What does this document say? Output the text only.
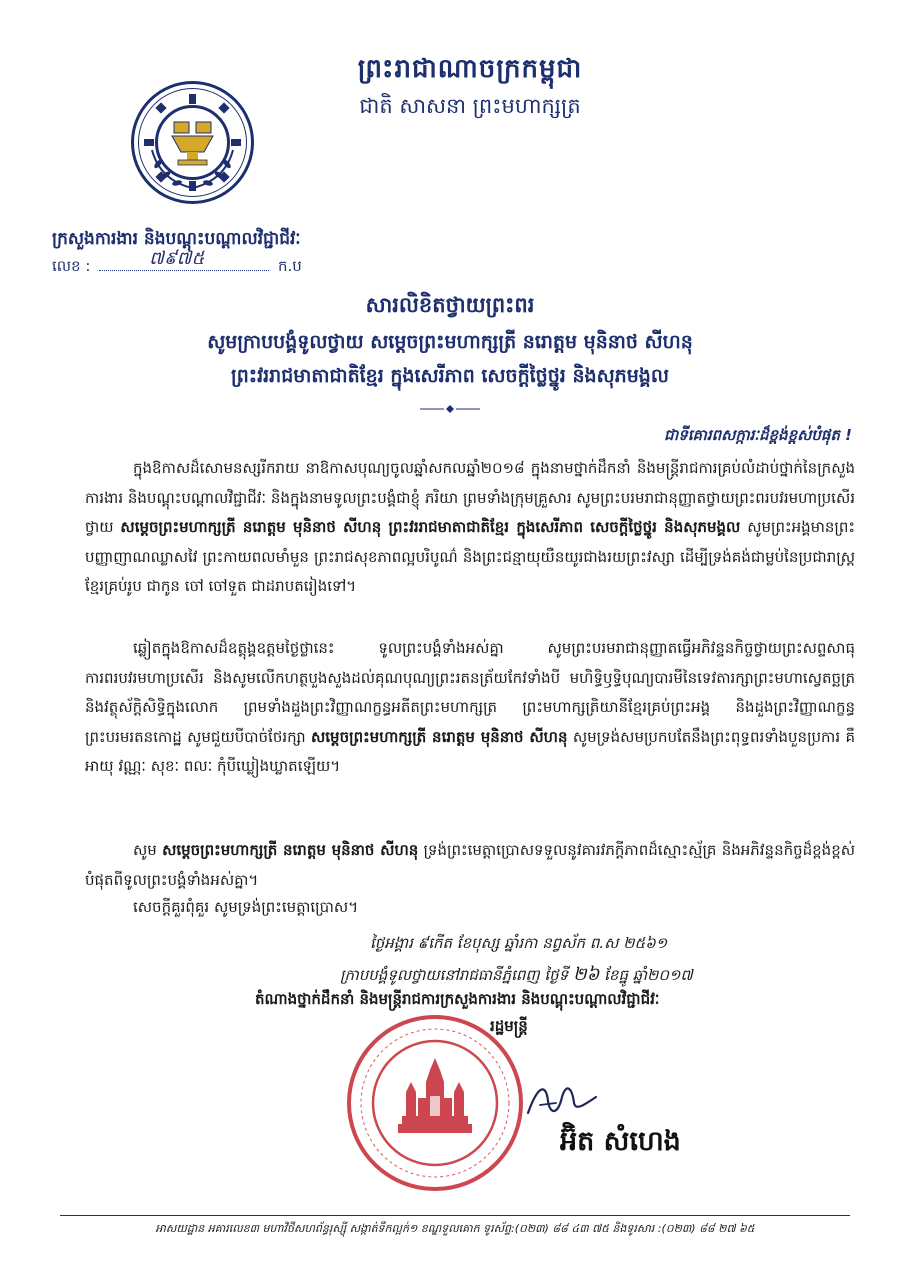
ព្រះរាជាណាចក្រកម្ពុជា
ជាតិ សាសនា ព្រះមហាក្សត្រ
ក្រសួងការងារ និងបណ្តុះបណ្តាលវិជ្ជាជីវៈ
លេខ :	៧៩៧៥	ក.ប
សារលិខិតថ្វាយព្រះពរ
សូមក្រាបបង្គំទូលថ្វាយ សម្តេចព្រះមហាក្សត្រី នរោត្តម មុនិនាថ សីហនុ
ព្រះវររាជមាតាជាតិខ្មែរ ក្នុងសេរីភាព សេចក្តីថ្លៃថ្នូរ និងសុភមង្គល
ជាទីគោរពសក្ការៈដ៏ខ្ពង់ខ្ពស់បំផុត !
ក្នុងឱកាសដ៏សោមនស្សរីករាយ នាឱកាសបុណ្យចូលឆ្នាំសកលឆ្នាំ២០១៨ ក្នុងនាមថ្នាក់ដឹកនាំ និងមន្ត្រីរាជការគ្រប់លំដាប់ថ្នាក់នៃក្រសួងការងារ និងបណ្តុះបណ្តាលវិជ្ជាជីវៈ និងក្នុងនាមទូលព្រះបង្គំជាខ្ញុំ ភរិយា ព្រមទាំងក្រុមគ្រួសារ សូមព្រះបរមរាជានុញ្ញាតថ្វាយព្រះពរបវរមហាប្រសើរថ្វាយ សម្តេចព្រះមហាក្សត្រី នរោត្តម មុនិនាថ សីហនុ ព្រះវររាជមាតាជាតិខ្មែរ ក្នុងសេរីភាព សេចក្តីថ្លៃថ្នូរ និងសុភមង្គល សូមព្រះអង្គមានព្រះបញ្ញាញាណឈ្លាសវៃ ព្រះកាយពលមាំមួន ព្រះរាជសុខភាពល្អបរិបូណ៌ និងព្រះជន្មាយុយឺនយូរជាងរយព្រះវស្សា ដើម្បីទ្រង់គង់ជាម្លប់នៃប្រជារាស្ត្រខ្មែរគ្រប់រូប ជាកូន ចៅ ចៅទួត ជាដរាបតរៀងទៅ។
ឆ្លៀតក្នុងឱកាសដ៏ឧត្តុង្គឧត្តមថ្ងៃថ្លានេះ ទូលព្រះបង្គំទាំងអស់គ្នា សូមព្រះបរមរាជានុញ្ញាតធ្វើអភិវន្ទនកិច្ចថ្វាយព្រះសព្ទសាធុការពរបវរមហាប្រសើរ និងសូមលើកហត្ថបួងសួងដល់គុណបុណ្យព្រះរតនត្រ័យកែវទាំងបី មហិទ្ធិឫទ្ធិបុណ្យបារមីនៃទេវតារក្សាព្រះមហាស្វេតច្ឆត្រ និងវត្ថុស័ក្តិសិទ្ធិក្នុងលោក ព្រមទាំងដួងព្រះវិញ្ញាណក្ខន្ធអតីតព្រះមហាក្សត្រ ព្រះមហាក្សត្រិយានីខ្មែរគ្រប់ព្រះអង្គ និងដួងព្រះវិញ្ញាណក្ខន្ធព្រះបរមរតនកោដ្ឋ សូមជួយបីបាច់ថែរក្សា សម្តេចព្រះមហាក្សត្រី នរោត្តម មុនិនាថ សីហនុ សូមទ្រង់សមប្រកបតែនឹងព្រះពុទ្ធពរទាំងបួនប្រការ គឺអាយុ វណ្ណៈ សុខៈ ពលៈ កុំបីឃ្លៀងឃ្លាតឡើយ។
សូម សម្តេចព្រះមហាក្សត្រី នរោត្តម មុនិនាថ សីហនុ ទ្រង់ព្រះមេត្តាប្រោសទទួលនូវគារវភក្តីភាពដ៏ស្មោះស្ម័គ្រ និងអភិវន្ទនកិច្ចដ៏ខ្ពង់ខ្ពស់បំផុតពីទូលព្រះបង្គំទាំងអស់គ្នា។
សេចក្តីគួរពុំគួរ សូមទ្រង់ព្រះមេត្តាប្រោស។
ថ្ងៃអង្គារ ៩កើត ខែបុស្ស ឆ្នាំរកា នព្វស័ក ព.ស ២៥៦១
ក្រាបបង្គំទូលថ្វាយនៅរាជធានីភ្នំពេញ ថ្ងៃទី ២៦ ខែធ្នូ ឆ្នាំ២០១៧
តំណាងថ្នាក់ដឹកនាំ និងមន្ត្រីរាជការក្រសួងការងារ និងបណ្តុះបណ្តាលវិជ្ជាជីវៈ
រដ្ឋមន្ត្រី
អ៊ិត សំហេង
អាសយដ្ឋាន អគារលេខ៣ មហាវិថីសហព័ន្ធរុស្ស៊ី សង្កាត់ទឹកល្អក់១ ខណ្ឌទួលគោក ទូរស័ព្ទ:(០២៣) ៨៨ ៤៣ ៧៥ និងទូរសារ :(០២៣) ៨៨ ២៧ ៦៥
